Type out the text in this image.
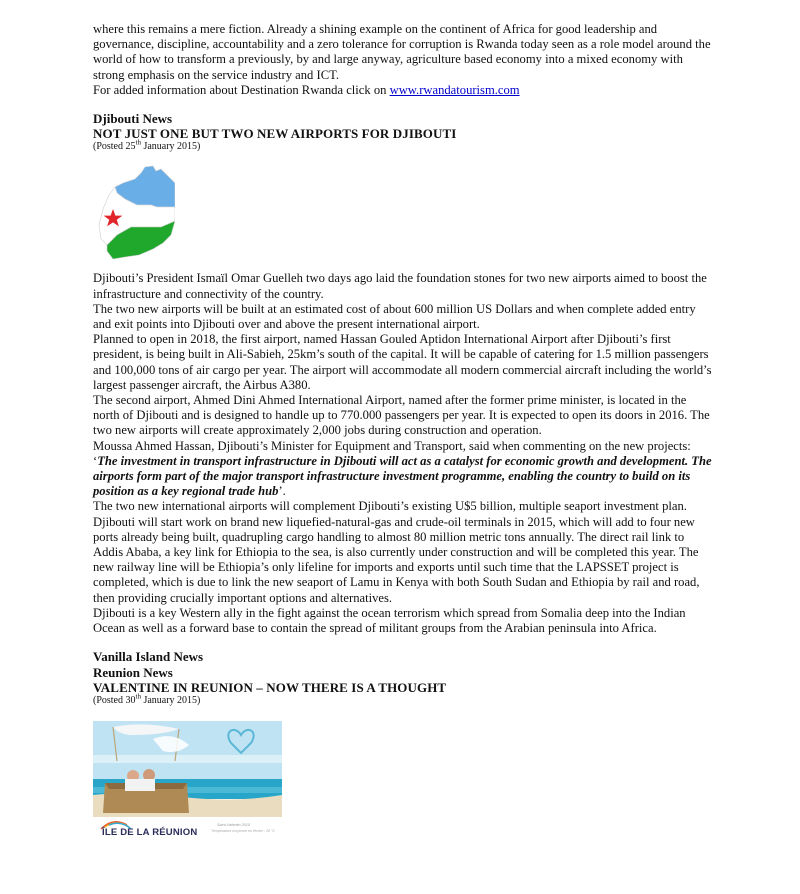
where this remains a mere fiction. Already a shining example on the continent of Africa for good leadership and governance, discipline, accountability and a zero tolerance for corruption is Rwanda today seen as a role model around the world of how to transform a previously, by and large anyway, agriculture based economy into a mixed economy with strong emphasis on the service industry and ICT.

For added information about Destination Rwanda click on www.rwandatourism.com

Djibouti News
NOT JUST ONE BUT TWO NEW AIRPORTS FOR DJIBOUTI
(Posted 25th January 2015)

Djibouti’s President Ismaïl Omar Guelleh two days ago laid the foundation stones for two new airports aimed to boost the infrastructure and connectivity of the country.

The two new airports will be built at an estimated cost of about 600 million US Dollars and when complete added entry and exit points into Djibouti over and above the present international airport.

Planned to open in 2018, the first airport, named Hassan Gouled Aptidon International Airport after Djibouti’s first president, is being built in Ali-Sabieh, 25km’s south of the capital. It will be capable of catering for 1.5 million passengers and 100,000 tons of air cargo per year. The airport will accommodate all modern commercial aircraft including the world’s largest passenger aircraft, the Airbus A380.

The second airport, Ahmed Dini Ahmed International Airport, named after the former prime minister, is located in the north of Djibouti and is designed to handle up to 770.000 passengers per year. It is expected to open its doors in 2016. The two new airports will create approximately 2,000 jobs during construction and operation.

Moussa Ahmed Hassan, Djibouti’s Minister for Equipment and Transport, said when commenting on the new projects: ‘The investment in transport infrastructure in Djibouti will act as a catalyst for economic growth and development. The airports form part of the major transport infrastructure investment programme, enabling the country to build on its position as a key regional trade hub’.

The two new international airports will complement Djibouti’s existing U$5 billion, multiple seaport investment plan. Djibouti will start work on brand new liquefied-natural-gas and crude-oil terminals in 2015, which will add to four new ports already being built, quadrupling cargo handling to almost 80 million metric tons annually. The direct rail link to Addis Ababa, a key link for Ethiopia to the sea, is also currently under construction and will be completed this year. The new railway line will be Ethiopia’s only lifeline for imports and exports until such time that the LAPSSET project is completed, which is due to link the new seaport of Lamu in Kenya with both South Sudan and Ethiopia by rail and road, then providing crucially important options and alternatives.

Djibouti is a key Western ally in the fight against the ocean terrorism which spread from Somalia deep into the Indian Ocean as well as a forward base to contain the spread of militant groups from the Arabian peninsula into Africa.

Vanilla Island News
Reunion News
VALENTINE IN REUNION – NOW THERE IS A THOUGHT
(Posted 30th January 2015)
ÎLE DE LA RÉUNION
Saint-Valentin 2015
Température moyenne en février : 28 °C
